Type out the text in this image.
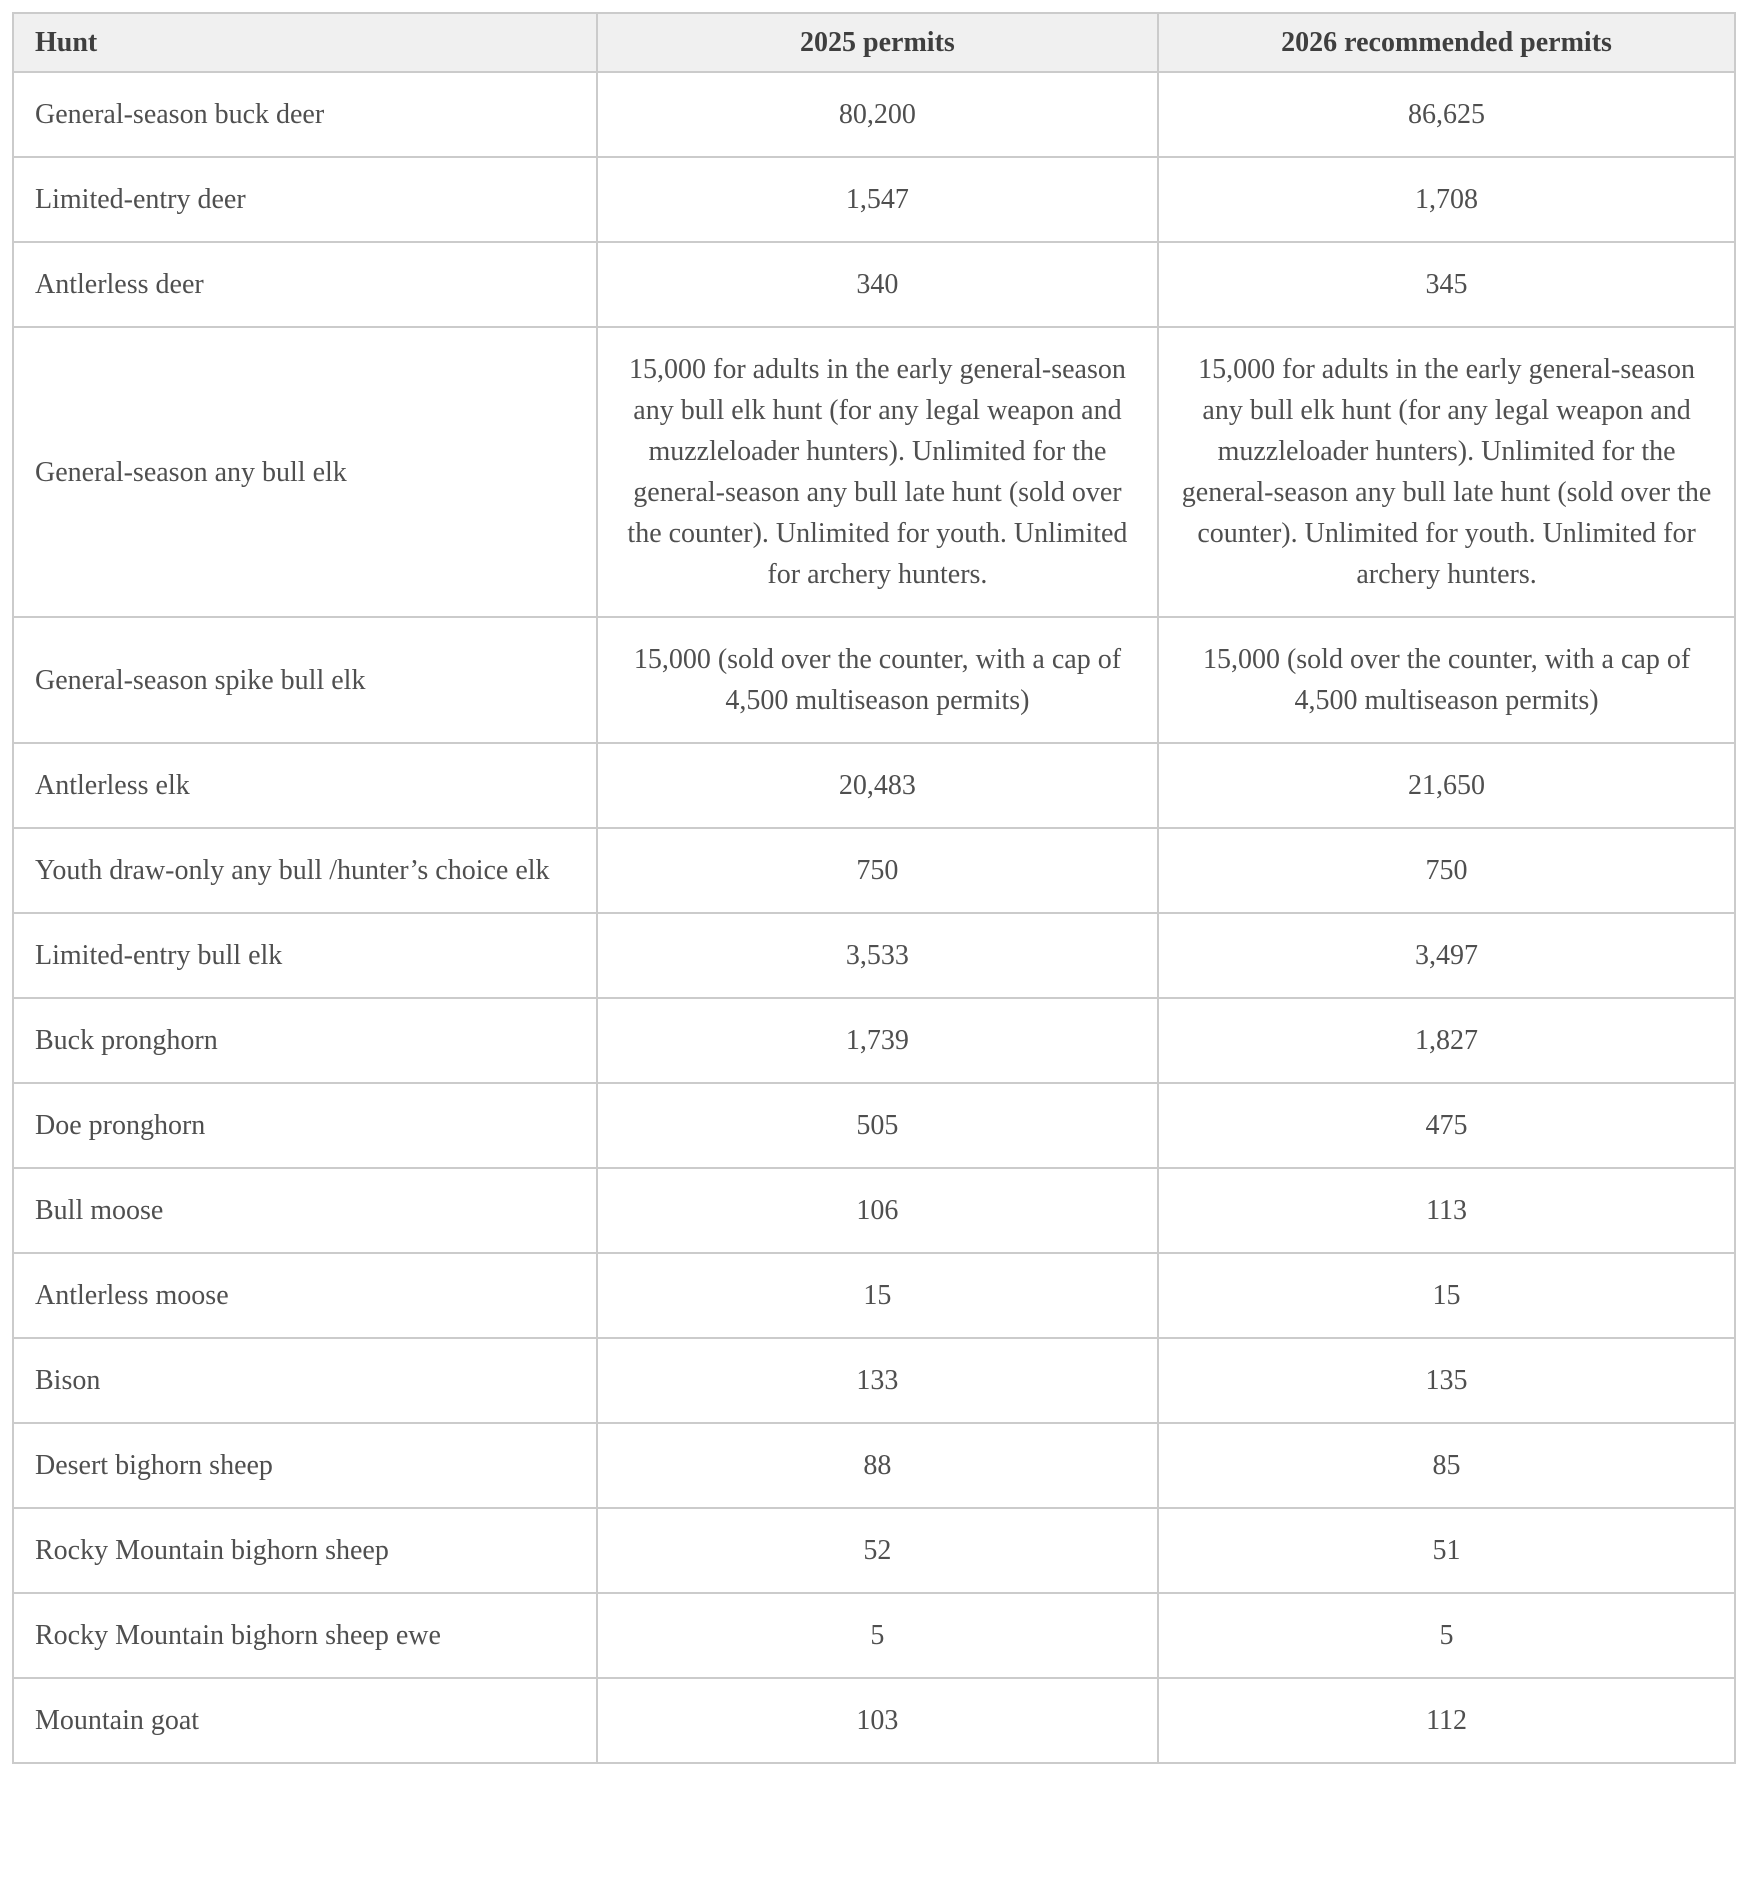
Hunt	2025 permits	2026 recommended permits
General-season buck deer	80,200	86,625
Limited-entry deer	1,547	1,708
Antlerless deer	340	345
General-season any bull elk	15,000 for adults in the early general-season any bull elk hunt (for any legal weapon and muzzleloader hunters). Unlimited for the general-season any bull late hunt (sold over the counter). Unlimited for youth. Unlimited for archery hunters.	15,000 for adults in the early general-season any bull elk hunt (for any legal weapon and muzzleloader hunters). Unlimited for the general-season any bull late hunt (sold over the counter). Unlimited for youth. Unlimited for archery hunters.
General-season spike bull elk	15,000 (sold over the counter, with a cap of 4,500 multiseason permits)	15,000 (sold over the counter, with a cap of 4,500 multiseason permits)
Antlerless elk	20,483	21,650
Youth draw-only any bull /hunter’s choice elk	750	750
Limited-entry bull elk	3,533	3,497
Buck pronghorn	1,739	1,827
Doe pronghorn	505	475
Bull moose	106	113
Antlerless moose	15	15
Bison	133	135
Desert bighorn sheep	88	85
Rocky Mountain bighorn sheep	52	51
Rocky Mountain bighorn sheep ewe	5	5
Mountain goat	103	112
